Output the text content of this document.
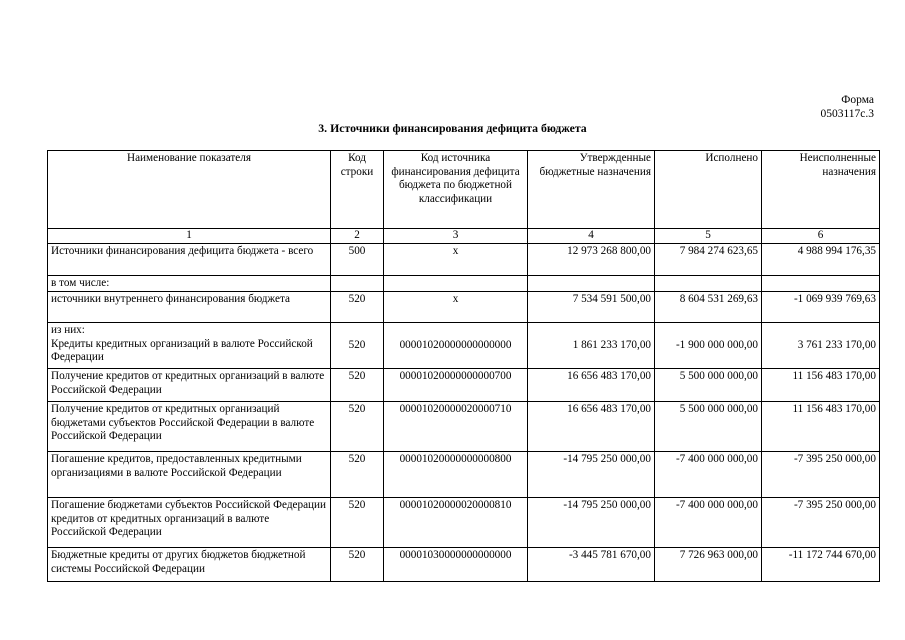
Форма
0503117с.3
3. Источники финансирования дефицита бюджета
Наименование показателя	Код строки	Код источника финансирования дефицита бюджета по бюджетной классификации	Утвержденные бюджетные назначения	Исполнено	Неисполненные назначения
1	2	3	4	5	6
Источники финансирования дефицита бюджета - всего	500	x	12 973 268 800,00	7 984 274 623,65	4 988 994 176,35
в том числе:					
источники внутреннего финансирования бюджета	520	x	7 534 591 500,00	8 604 531 269,63	-1 069 939 769,63
из них:					
Кредиты кредитных организаций в валюте Российской Федерации	520	00001020000000000000	1 861 233 170,00	-1 900 000 000,00	3 761 233 170,00
Получение кредитов от кредитных организаций в валюте Российской Федерации	520	00001020000000000700	16 656 483 170,00	5 500 000 000,00	11 156 483 170,00
Получение кредитов от кредитных организаций бюджетами субъектов Российской Федерации в валюте Российской Федерации	520	00001020000020000710	16 656 483 170,00	5 500 000 000,00	11 156 483 170,00
Погашение кредитов, предоставленных кредитными организациями в валюте Российской Федерации	520	00001020000000000800	-14 795 250 000,00	-7 400 000 000,00	-7 395 250 000,00
Погашение бюджетами субъектов Российской Федерации кредитов от кредитных организаций в валюте Российской Федерации	520	00001020000020000810	-14 795 250 000,00	-7 400 000 000,00	-7 395 250 000,00
Бюджетные кредиты от других бюджетов бюджетной системы Российской Федерации	520	00001030000000000000	-3 445 781 670,00	7 726 963 000,00	-11 172 744 670,00
